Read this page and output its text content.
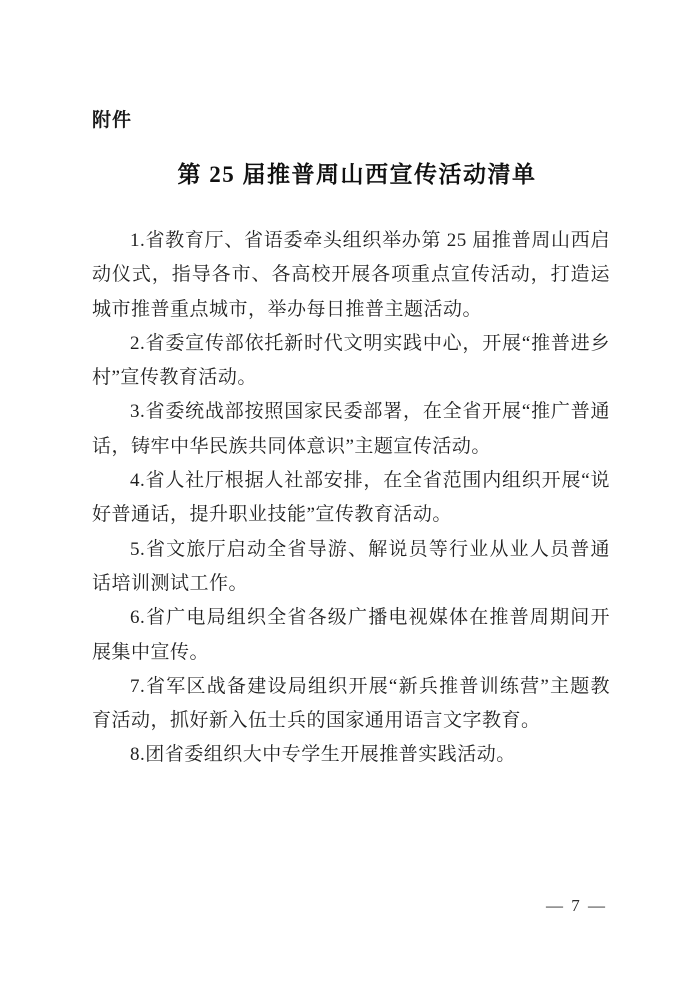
附件
第 25 届推普周山西宣传活动清单

1.省教育厅、省语委牵头组织举办第 25 届推普周山西启动仪式，指导各市、各高校开展各项重点宣传活动，打造运城市推普重点城市，举办每日推普主题活动。

2.省委宣传部依托新时代文明实践中心，开展“推普进乡村”宣传教育活动。

3.省委统战部按照国家民委部署，在全省开展“推广普通话，铸牢中华民族共同体意识”主题宣传活动。

4.省人社厅根据人社部安排，在全省范围内组织开展“说好普通话，提升职业技能”宣传教育活动。

5.省文旅厅启动全省导游、解说员等行业从业人员普通话培训测试工作。

6.省广电局组织全省各级广播电视媒体在推普周期间开展集中宣传。

7.省军区战备建设局组织开展“新兵推普训练营”主题教育活动，抓好新入伍士兵的国家通用语言文字教育。

8.团省委组织大中专学生开展推普实践活动。

— 7 —
